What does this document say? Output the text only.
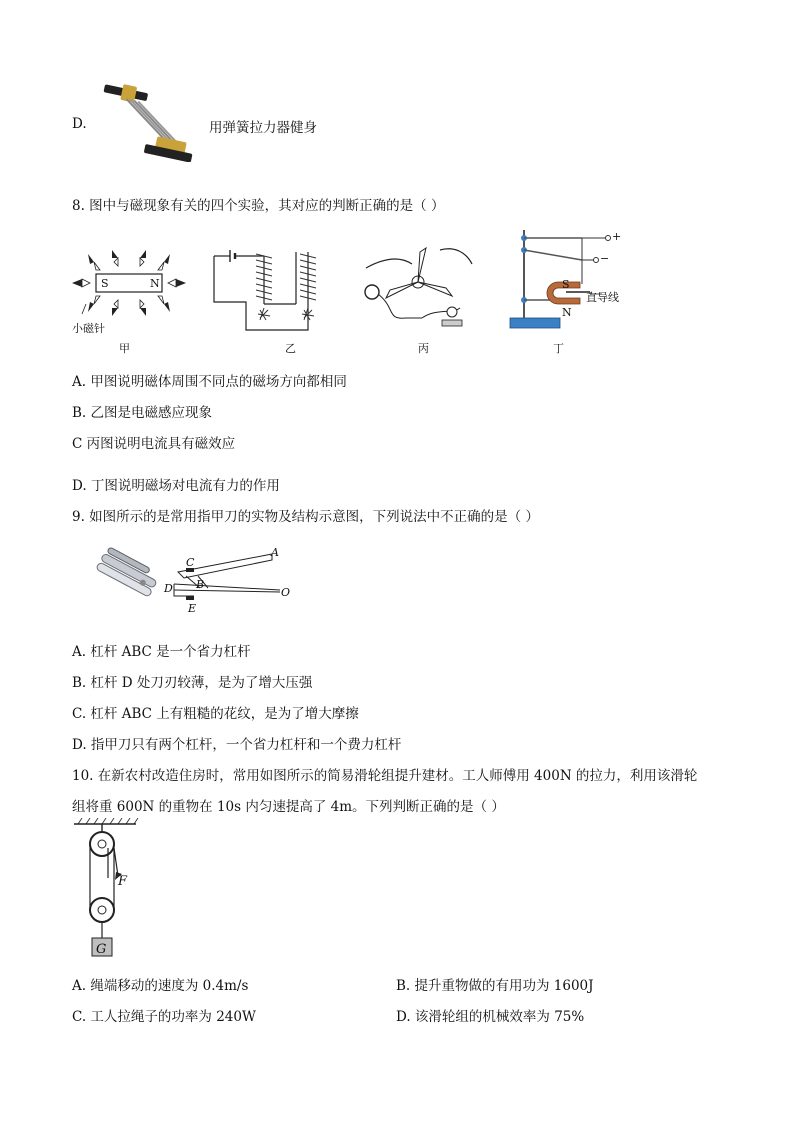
D.	用弹簧拉力器健身
8. 图中与磁现象有关的四个实验，其对应的判断正确的是（ ）
S	N
小磁针
甲	乙	丙
S
N
+
−
直导线
丁
A. 甲图说明磁体周围不同点的磁场方向都相同
B. 乙图是电磁感应现象
C 丙图说明电流具有磁效应
D. 丁图说明磁场对电流有力的作用
9. 如图所示的是常用指甲刀的实物及结构示意图，下列说法中不正确的是（ ）
C
B
D
E
A
O
A. 杠杆 ABC 是一个省力杠杆
B. 杠杆 D 处刀刃较薄，是为了增大压强
C. 杠杆 ABC 上有粗糙的花纹，是为了增大摩擦
D. 指甲刀只有两个杠杆，一个省力杠杆和一个费力杠杆
10. 在新农村改造住房时，常用如图所示的简易滑轮组提升建材。工人师傅用 400N 的拉力，利用该滑轮
组将重 600N 的重物在 10s 内匀速提高了 4m。下列判断正确的是（ ）
F
G
A. 绳端移动的速度为 0.4m/s	B. 提升重物做的有用功为 1600J
C. 工人拉绳子的功率为 240W	D. 该滑轮组的机械效率为 75%
